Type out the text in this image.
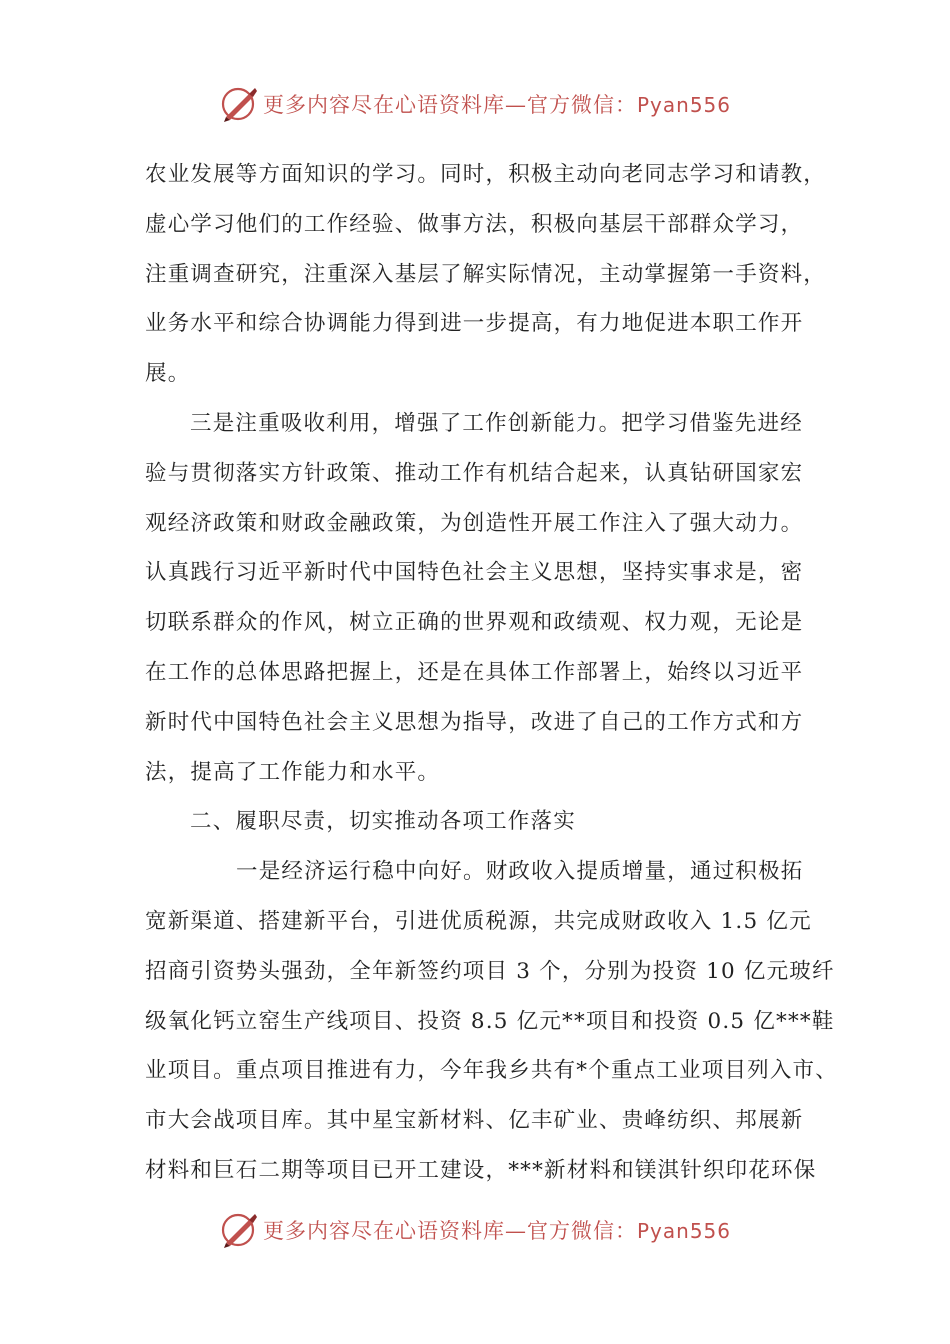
更多内容尽在心语资料库—官方微信：Pyan556
农业发展等方面知识的学习。同时，积极主动向老同志学习和请教，
虚心学习他们的工作经验、做事方法，积极向基层干部群众学习，
注重调查研究，注重深入基层了解实际情况，主动掌握第一手资料，
业务水平和综合协调能力得到进一步提高，有力地促进本职工作开
展。
三是注重吸收利用，增强了工作创新能力。把学习借鉴先进经
验与贯彻落实方针政策、推动工作有机结合起来，认真钻研国家宏
观经济政策和财政金融政策，为创造性开展工作注入了强大动力。
认真践行习近平新时代中国特色社会主义思想，坚持实事求是，密
切联系群众的作风，树立正确的世界观和政绩观、权力观，无论是
在工作的总体思路把握上，还是在具体工作部署上，始终以习近平
新时代中国特色社会主义思想为指导，改进了自己的工作方式和方
法，提高了工作能力和水平。
二、履职尽责，切实推动各项工作落实
一是经济运行稳中向好。财政收入提质增量，通过积极拓
宽新渠道、搭建新平台，引进优质税源，共完成财政收入 1.5 亿元
招商引资势头强劲，全年新签约项目 3 个，分别为投资 10 亿元玻纤
级氧化钙立窑生产线项目、投资 8.5 亿元**项目和投资 0.5 亿***鞋
业项目。重点项目推进有力，今年我乡共有*个重点工业项目列入市、
市大会战项目库。其中星宝新材料、亿丰矿业、贵峰纺织、邦展新
材料和巨石二期等项目已开工建设，***新材料和镁淇针织印花环保
更多内容尽在心语资料库—官方微信：Pyan556
